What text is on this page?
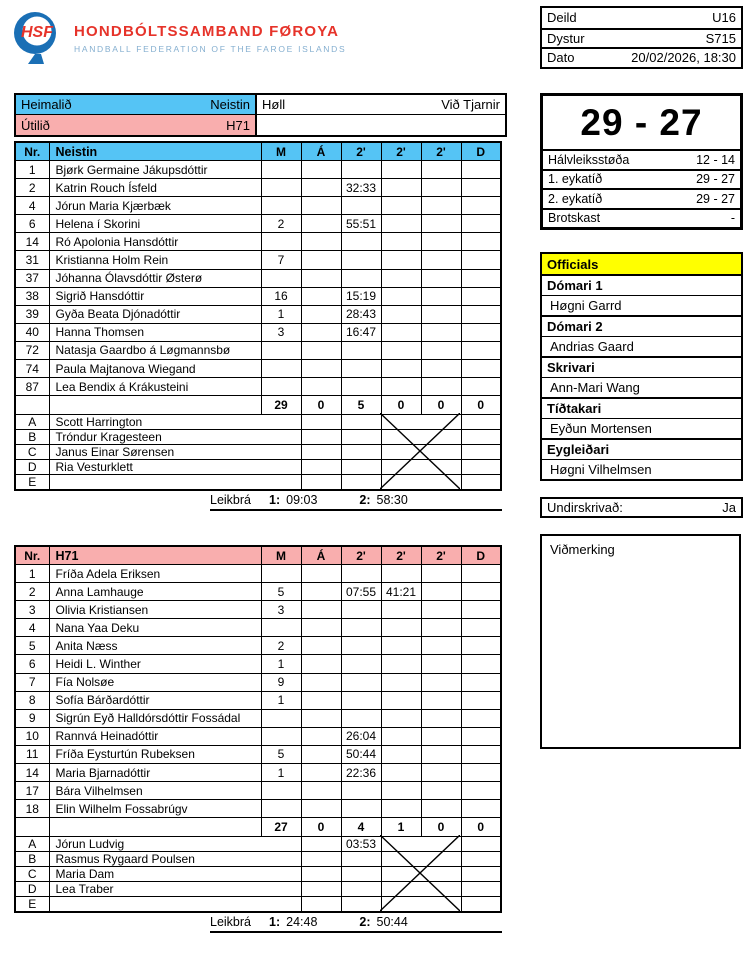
HSF HONDBÓLTSSAMBAND FØROYA
HANDBALL FEDERATION OF THE FAROE ISLANDS
Deild	U16
Dystur	S715
Dato	20/02/2026, 18:30
Heimalið	Neistin Høll	Við Tjarnir
Útilið	H71	29 - 27
Hálvleiksstøða	12 - 14
1. eykatíð	29 - 27
2. eykatíð	29 - 27
Brotskast	-
Officials
Dómari 1
Høgni Garrd
Dómari 2
Andrias Gaard
Skrivari
Ann-Mari Wang
Tíðtakari
Eyðun Mortensen
Eygleiðari
Høgni Vilhelmsen
Undirskrivað:	Ja
Viðmerking
Nr.	Neistin	M	Á	2'	2'	2'	D
1	Bjørk Germaine Jákupsdóttir						
2	Katrin Rouch Ísfeld			32:33			
4	Jórun Maria Kjærbæk						
6	Helena í Skorini	2		55:51			
14	Ró Apolonia Hansdóttir						
31	Kristianna Holm Rein	7					
37	Jóhanna Ólavsdóttir Østerø						
38	Sigrið Hansdóttir	16		15:19			
39	Gyða Beata Djónadóttir	1		28:43			
40	Hanna Thomsen	3		16:47			
72	Natasja Gaardbo á Løgmannsbø						
74	Paula Majtanova Wiegand						
87	Lea Bendix á Krákusteini						
		29	0	5	0	0	0
A	Scott Harrington						
B	Tróndur Kragesteen						
C	Janus Einar Sørensen						
D	Ria Vesturklett						
E							
Leikbrá 1: 09:03	2: 58:30
Nr.	H71	M	Á	2'	2'	2'	D
1	Fríða Adela Eriksen						
2	Anna Lamhauge	5		07:55	41:21		
3	Olivia Kristiansen	3					
4	Nana Yaa Deku						
5	Anita Næss	2					
6	Heidi L. Winther	1					
7	Fía Nolsøe	9					
8	Sofía Bárðardóttir	1					
9	Sigrún Eyð Halldórsdóttir Fossádal						
10	Rannvá Heinadóttir			26:04			
11	Fríða Eysturtún Rubeksen	5		50:44			
14	Maria Bjarnadóttir	1		22:36			
17	Bára Vilhelmsen						
18	Elin Wilhelm Fossabrúgv						
		27	0	4	1	0	0
A	Jórun Ludvig			03:53			
B	Rasmus Rygaard Poulsen						
C	Maria Dam						
D	Lea Traber						
E							
Leikbrá 1: 24:48	2: 50:44
